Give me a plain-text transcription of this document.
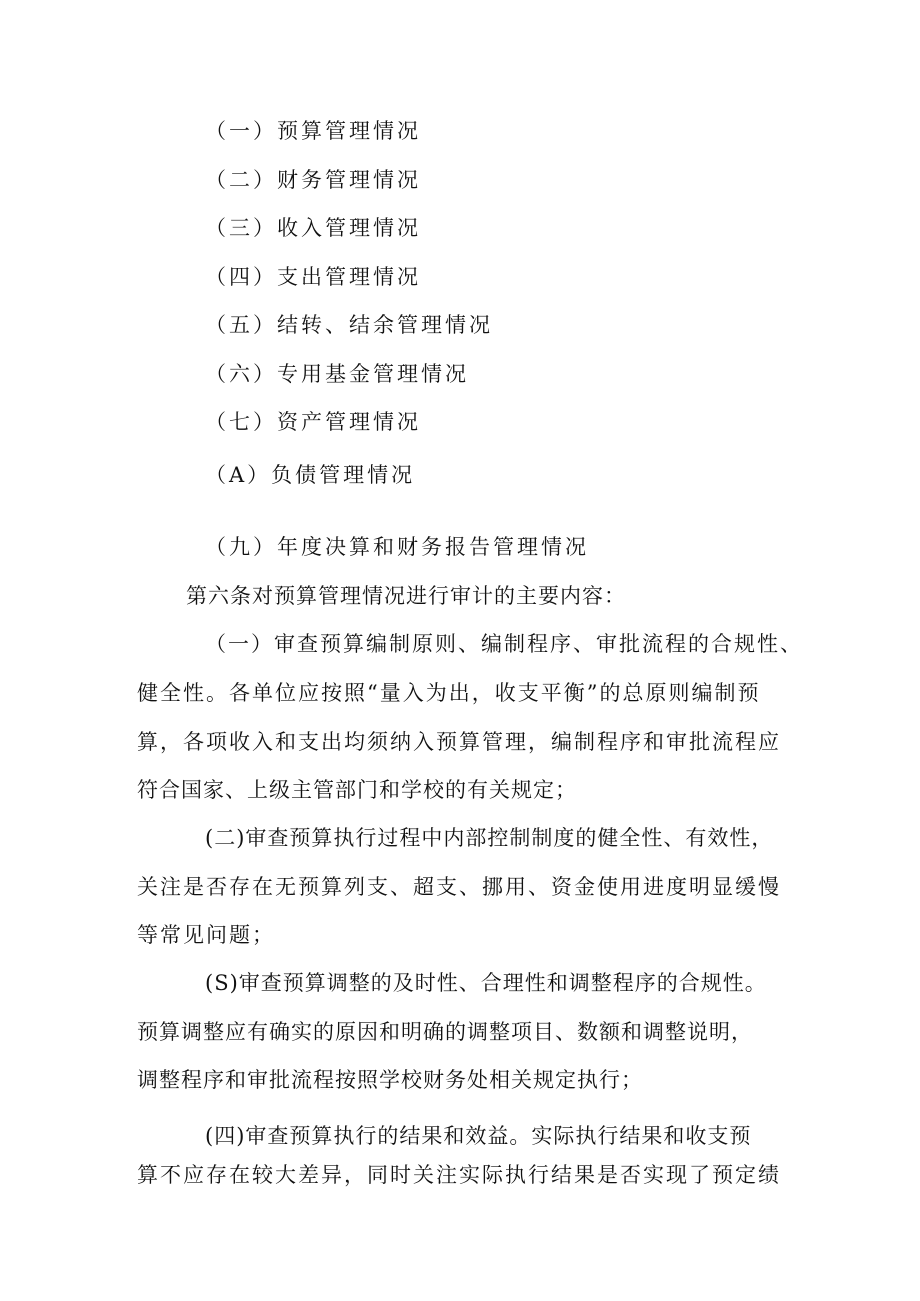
（一）预算管理情况
（二）财务管理情况
（三）收入管理情况
（四）支出管理情况
（五）结转、结余管理情况
（六）专用基金管理情况
（七）资产管理情况
（A）负债管理情况
（九）年度决算和财务报告管理情况
第六条对预算管理情况进行审计的主要内容：
（一）审查预算编制原则、编制程序、审批流程的合规性、
健全性。各单位应按照“量入为出，收支平衡”的总原则编制预
算，各项收入和支出均须纳入预算管理，编制程序和审批流程应
符合国家、上级主管部门和学校的有关规定；
(二)审查预算执行过程中内部控制制度的健全性、有效性，
关注是否存在无预算列支、超支、挪用、资金使用进度明显缓慢
等常见问题；
(S)审查预算调整的及时性、合理性和调整程序的合规性。
预算调整应有确实的原因和明确的调整项目、数额和调整说明，
调整程序和审批流程按照学校财务处相关规定执行；
(四)审查预算执行的结果和效益。实际执行结果和收支预
算不应存在较大差异，同时关注实际执行结果是否实现了预定绩
